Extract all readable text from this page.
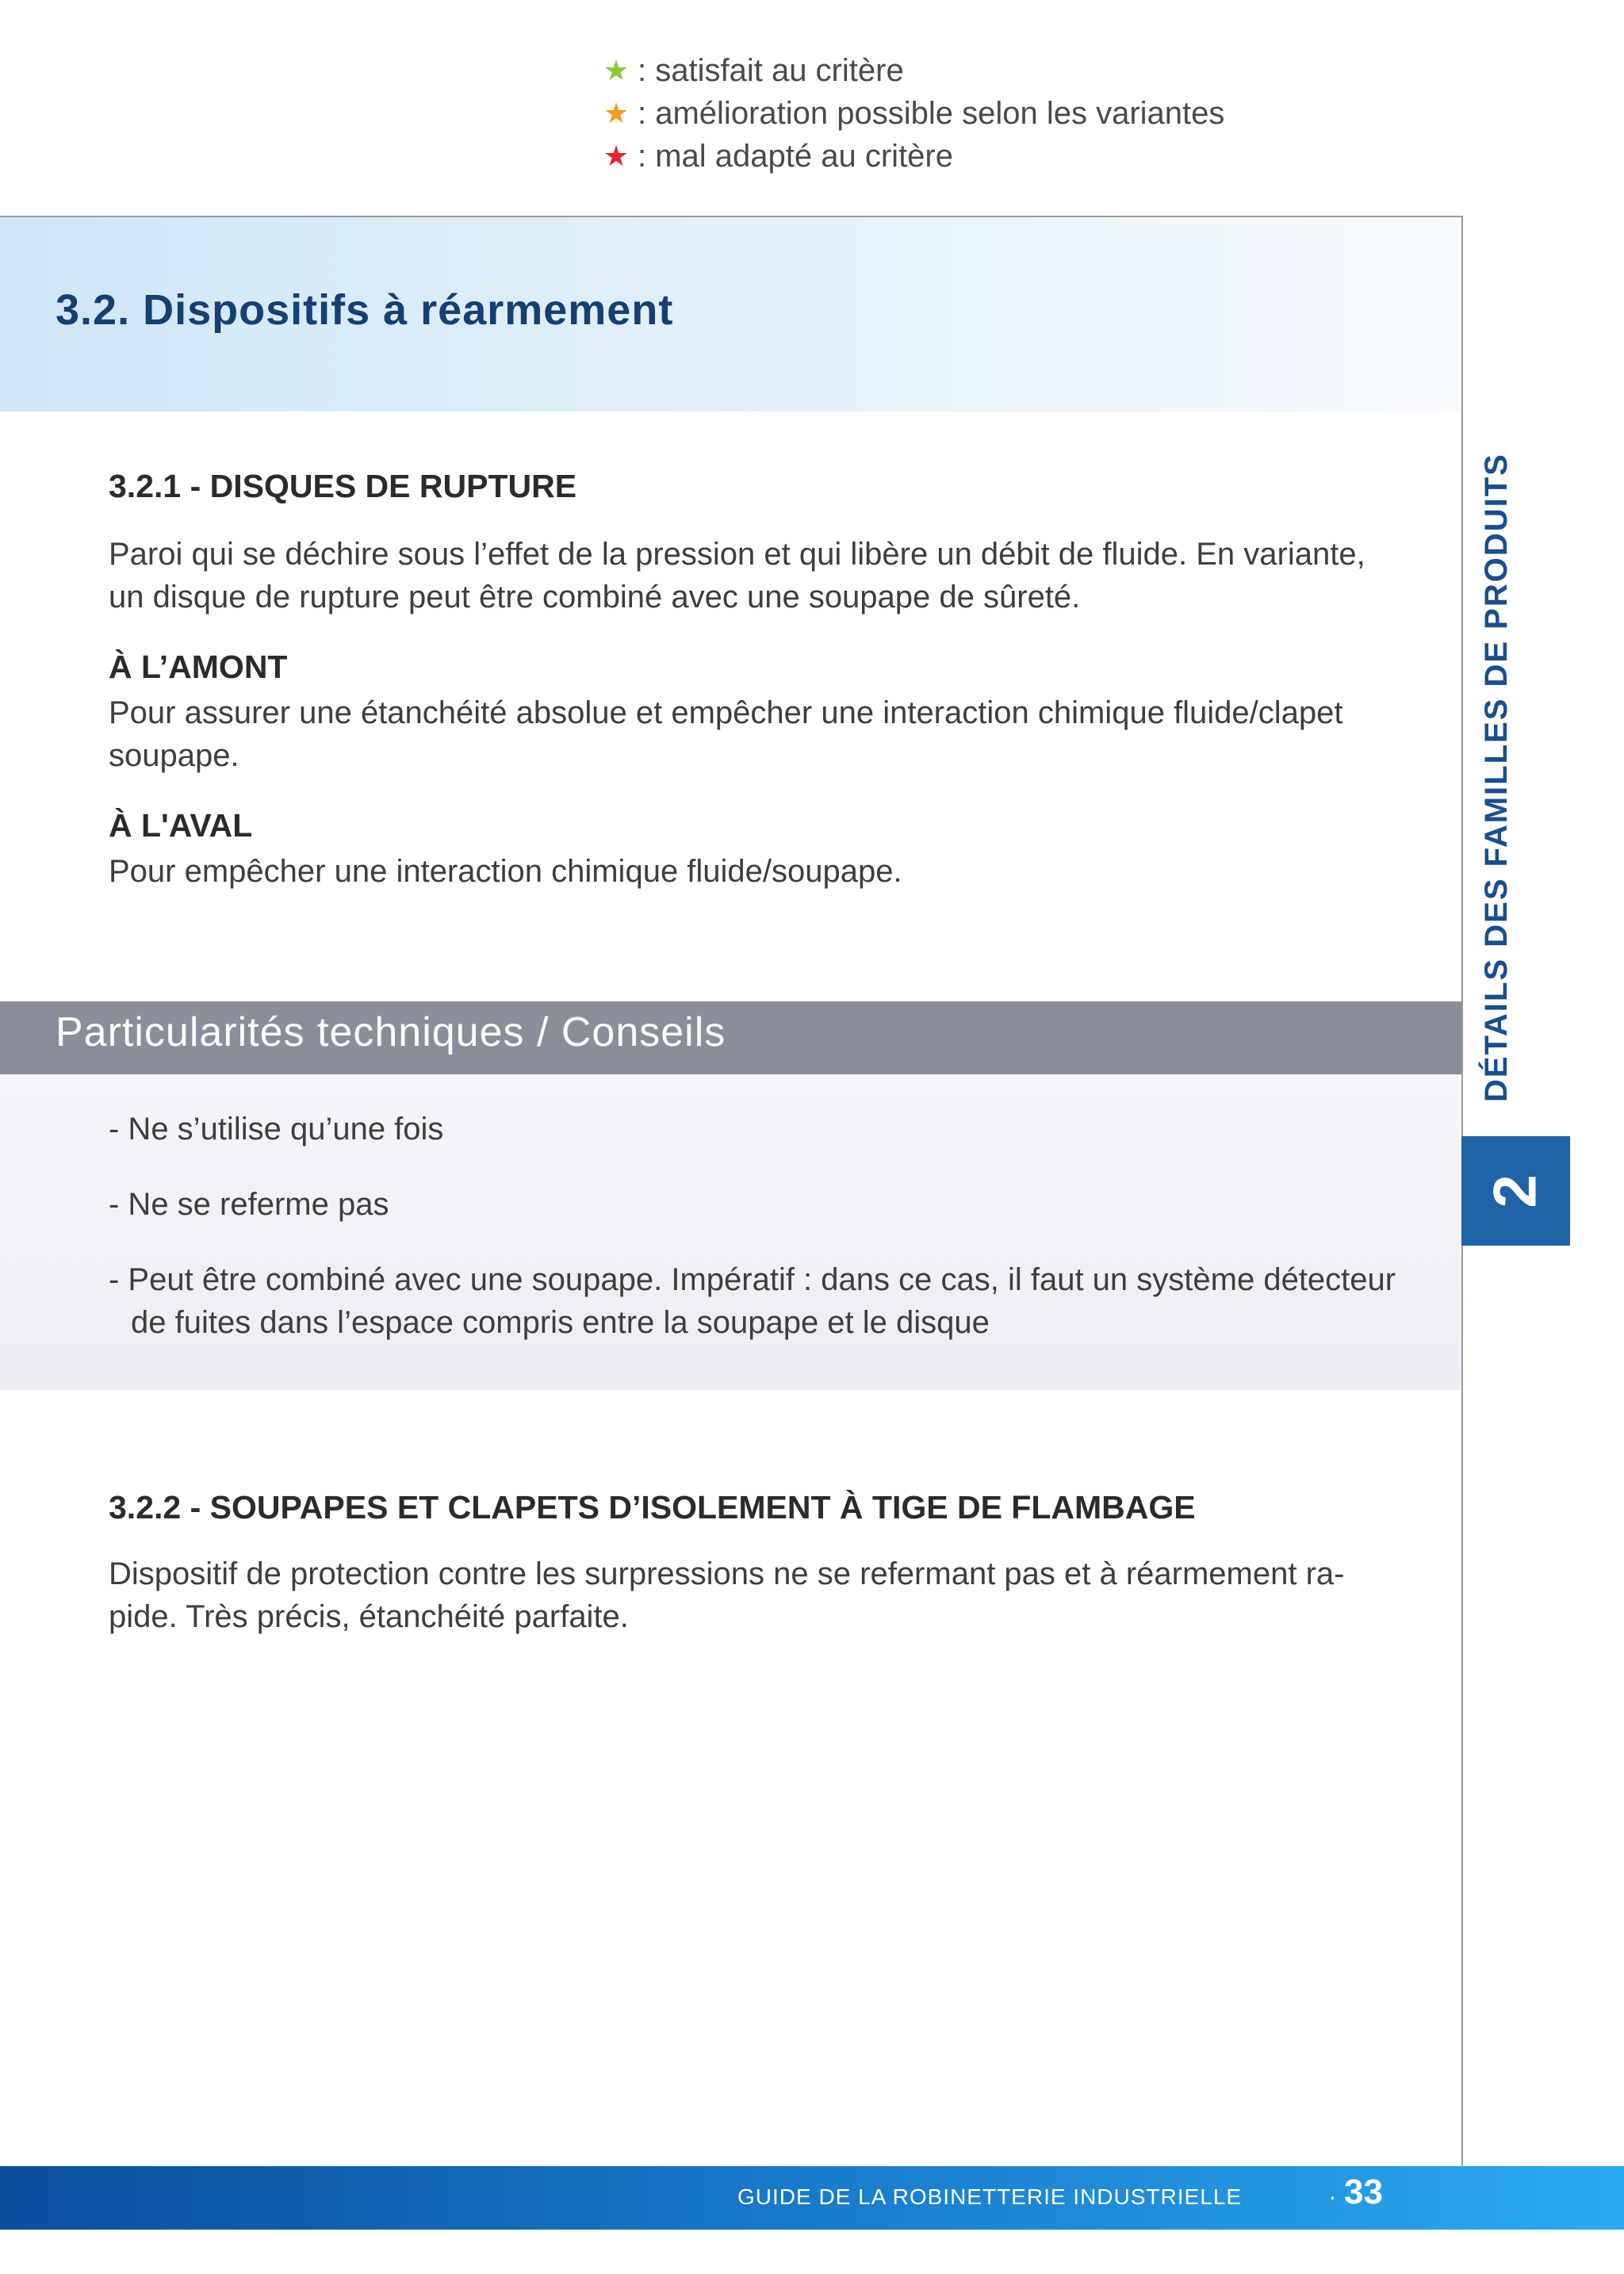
★ : satisfait au critère
★ : amélioration possible selon les variantes
★ : mal adapté au critère
3.2. Dispositifs à réarmement
3.2.1 - DISQUES DE RUPTURE
Paroi qui se déchire sous l’effet de la pression et qui libère un débit de fluide. En variante, un disque de rupture peut être combiné avec une soupape de sûreté.
À L’AMONT
Pour assurer une étanchéité absolue et empêcher une interaction chimique fluide/clapet soupape.
À L'AVAL
Pour empêcher une interaction chimique fluide/soupape.
Particularités techniques / Conseils
- Ne s’utilise qu’une fois
- Ne se referme pas
- Peut être combiné avec une soupape. Impératif : dans ce cas, il faut un système détecteur de fuites dans l’espace compris entre la soupape et le disque
3.2.2 - SOUPAPES ET CLAPETS D’ISOLEMENT À TIGE DE FLAMBAGE
Dispositif de protection contre les surpressions ne se refermant pas et à réarmement ra-pide. Très précis, étanchéité parfaite.
DÉTAILS DES FAMILLES DE PRODUITS
2
GUIDE DE LA ROBINETTERIE INDUSTRIELLE	· 33
